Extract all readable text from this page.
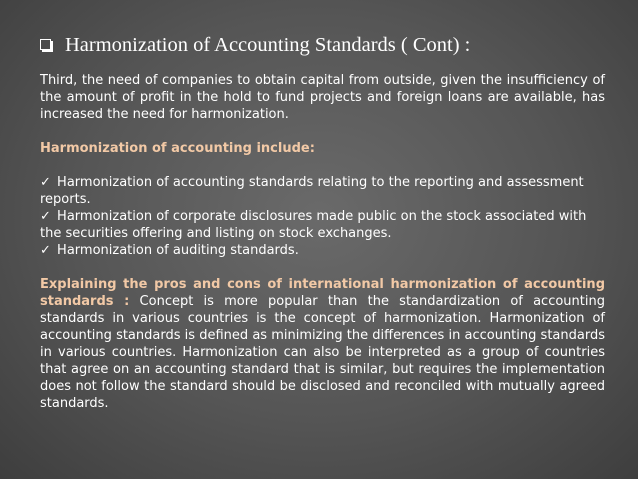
Harmonization of Accounting Standards ( Cont) :

Third, the need of companies to obtain capital from outside, given the insufficiency of the amount of profit in the hold to fund projects and foreign loans are available, has increased the need for harmonization.

Harmonization of accounting include:

✓ Harmonization of accounting standards relating to the reporting and assessment reports.

✓ Harmonization of corporate disclosures made public on the stock associated with the securities offering and listing on stock exchanges.

✓ Harmonization of auditing standards.

Explaining the pros and cons of international harmonization of accounting standards : Concept is more popular than the standardization of accounting standards in various countries is the concept of harmonization. Harmonization of accounting standards is defined as minimizing the differences in accounting standards in various countries. Harmonization can also be interpreted as a group of countries that agree on an accounting standard that is similar, but requires the implementation does not follow the standard should be disclosed and reconciled with mutually agreed standards.
